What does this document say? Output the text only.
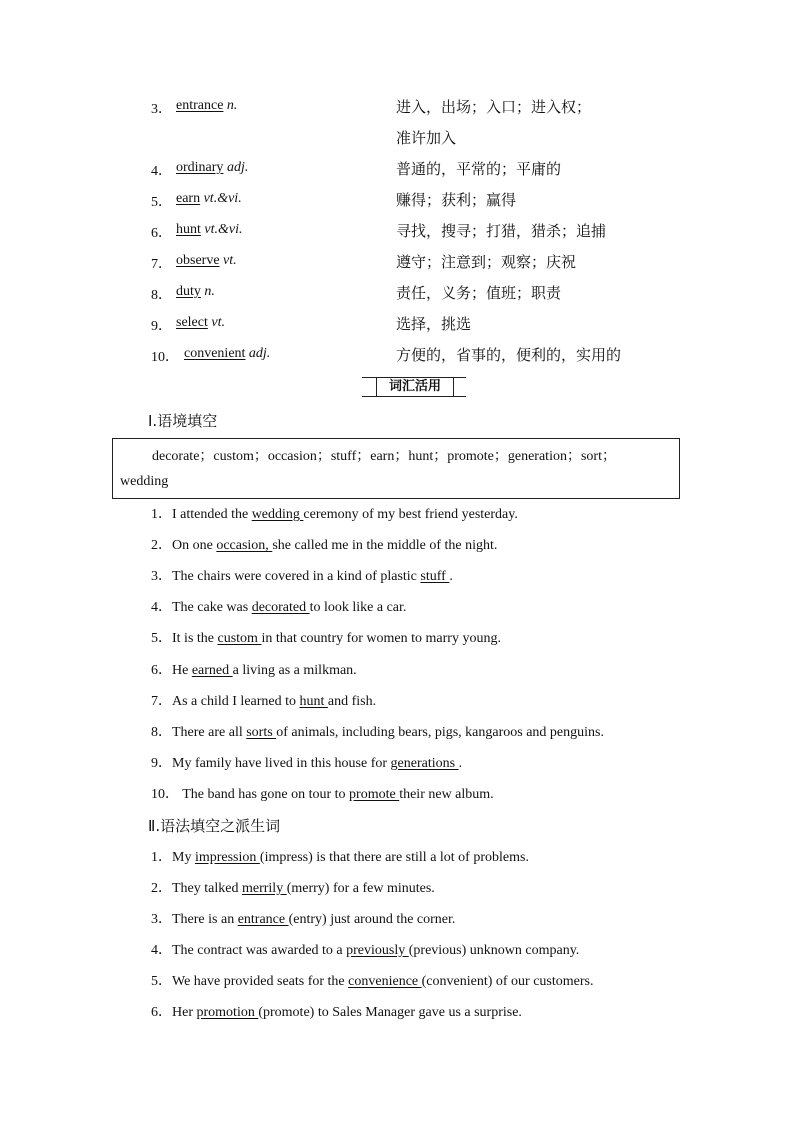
3． entrance n.	进入，出场；入口；进入权；
准许加入
4． ordinary adj.	普通的，平常的；平庸的
5． earn vt.&vi.	赚得；获利；赢得
6． hunt vt.&vi.	寻找，搜寻；打猎，猎杀；追捕
7． observe vt.	遵守；注意到；观察；庆祝
8． duty n.	责任，义务；值班；职责
9． select vt.	选择，挑选
10． convenient adj.	方便的，省事的，便利的，实用的
词汇活用
Ⅰ.语境填空
decorate；custom；occasion；stuff；earn；hunt；promote；generation；sort；
wedding
1．I attended the wedding ceremony of my best friend yesterday.
2．On one occasion, she called me in the middle of the night.
3．The chairs were covered in a kind of plastic stuff .
4．The cake was decorated to look like a car.
5．It is the custom in that country for women to marry young.
6．He earned a living as a milkman.
7．As a child I learned to hunt and fish.
8．There are all sorts of animals, including bears, pigs, kangaroos and penguins.
9．My family have lived in this house for generations .
10． The band has gone on tour to promote their new album.
Ⅱ.语法填空之派生词
1．My impression (impress) is that there are still a lot of problems.
2．They talked merrily (merry) for a few minutes.
3．There is an entrance (entry) just around the corner.
4．The contract was awarded to a previously (previous) unknown company.
5．We have provided seats for the convenience (convenient) of our customers.
6．Her promotion (promote) to Sales Manager gave us a surprise.
